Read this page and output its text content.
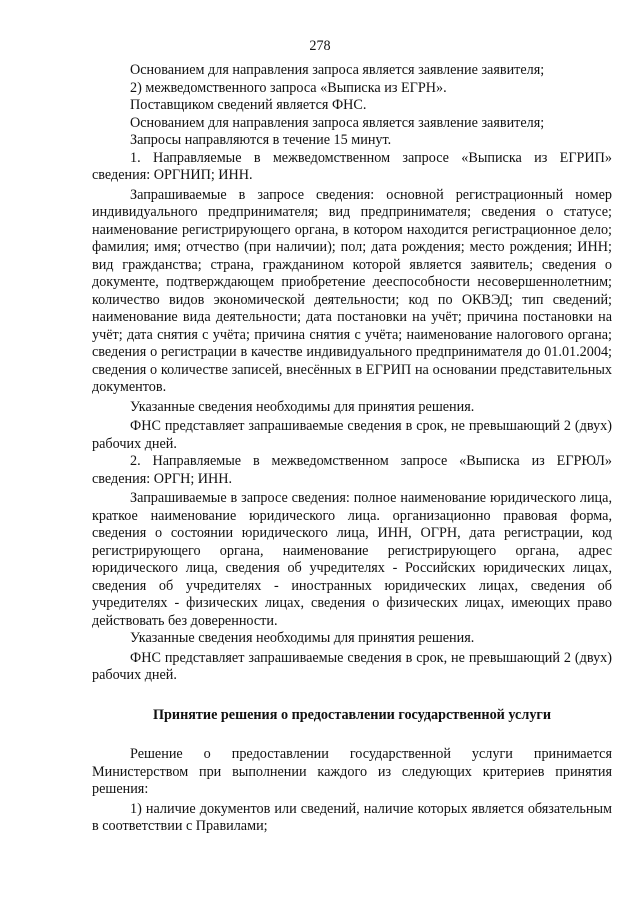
278

Основанием для направления запроса является заявление заявителя;

2) межведомственного запроса «Выписка из ЕГРН».

Поставщиком сведений является ФНС.

Основанием для направления запроса является заявление заявителя;

Запросы направляются в течение 15 минут.

1. Направляемые в межведомственном запросе «Выписка из ЕГРИП» сведения: ОРГНИП; ИНН.

Запрашиваемые в запросе сведения: основной регистрационный номер индивидуального предпринимателя; вид предпринимателя; сведения о статусе; наименование регистрирующего органа, в котором находится регистрационное дело; фамилия; имя; отчество (при наличии); пол; дата рождения; место рождения; ИНН; вид гражданства; страна, гражданином которой является заявитель; сведения о документе, подтверждающем приобретение дееспособности несовершеннолетним; количество видов экономической деятельности; код по ОКВЭД; тип сведений; наименование вида деятельности; дата постановки на учёт; причина постановки на учёт; дата снятия с учёта; причина снятия с учёта; наименование налогового органа; сведения о регистрации в качестве индивидуального предпринимателя до 01.01.2004; сведения о количестве записей, внесённых в ЕГРИП на основании представительных документов.

Указанные сведения необходимы для принятия решения.

ФНС представляет запрашиваемые сведения в срок, не превышающий 2 (двух) рабочих дней.

2. Направляемые в межведомственном запросе «Выписка из ЕГРЮЛ» сведения: ОРГН; ИНН.

Запрашиваемые в запросе сведения: полное наименование юридического лица, краткое наименование юридического лица. организационно правовая форма, сведения о состоянии юридического лица, ИНН, ОГРН, дата регистрации, код регистрирующего органа, наименование регистрирующего органа, адрес юридического лица, сведения об учредителях - Российских юридических лицах, сведения об учредителях - иностранных юридических лицах, сведения об учредителях - физических лицах, сведения о физических лицах, имеющих право действовать без доверенности.

Указанные сведения необходимы для принятия решения.

ФНС представляет запрашиваемые сведения в срок, не превышающий 2 (двух) рабочих дней.

Принятие решения о предоставлении государственной услуги

Решение о предоставлении государственной услуги принимается Министерством при выполнении каждого из следующих критериев принятия решения:

1) наличие документов или сведений, наличие которых является обязательным в соответствии с Правилами;
